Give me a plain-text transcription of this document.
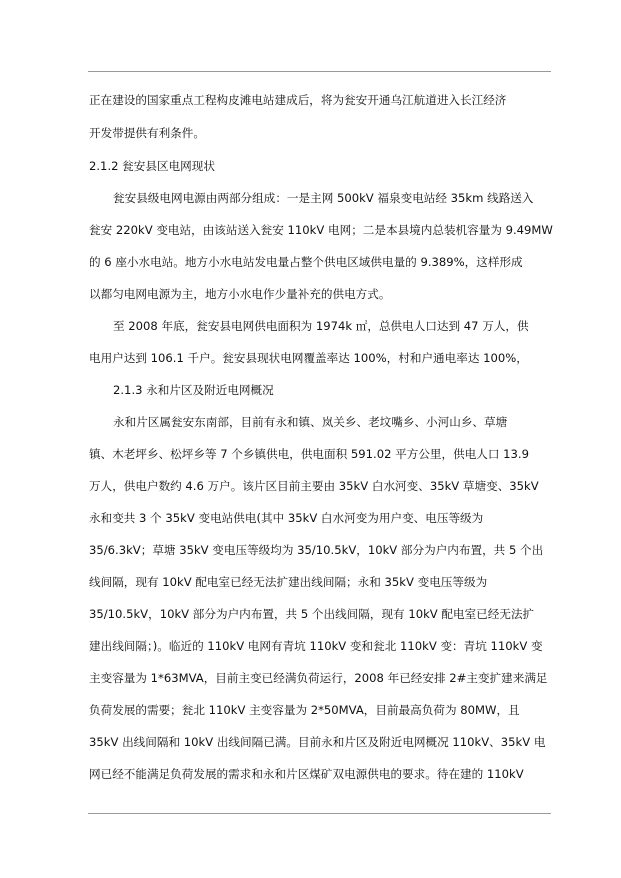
正在建设的国家重点工程构皮滩电站建成后，将为瓮安开通乌江航道进入长江经济
开发带提供有利条件。
2.1.2 瓮安县区电网现状
瓮安县级电网电源由两部分组成：一是主网 500kV 福泉变电站经 35km 线路送入
瓮安 220kV 变电站，由该站送入瓮安 110kV 电网；二是本县境内总装机容量为 9.49MW
的 6 座小水电站。地方小水电站发电量占整个供电区域供电量的 9.389%，这样形成
以都匀电网电源为主，地方小水电作少量补充的供电方式。
至 2008 年底，瓮安县电网供电面积为 1974k ㎡，总供电人口达到 47 万人，供
电用户达到 106.1 千户。瓮安县现状电网覆盖率达 100%，村和户通电率达 100%，
2.1.3 永和片区及附近电网概况
永和片区属瓮安东南部，目前有永和镇、岚关乡、老坟嘴乡、小河山乡、草塘
镇、木老坪乡、松坪乡等 7 个乡镇供电，供电面积 591.02 平方公里，供电人口 13.9
万人，供电户数约 4.6 万户。该片区目前主要由 35kV 白水河变、35kV 草塘变、35kV
永和变共 3 个 35kV 变电站供电(其中 35kV 白水河变为用户变、电压等级为
35/6.3kV；草塘 35kV 变电压等级均为 35/10.5kV，10kV 部分为户内布置，共 5 个出
线间隔，现有 10kV 配电室已经无法扩建出线间隔；永和 35kV 变电压等级为
35/10.5kV，10kV 部分为户内布置，共 5 个出线间隔，现有 10kV 配电室已经无法扩
建出线间隔；)。临近的 110kV 电网有青坑 110kV 变和瓮北 110kV 变：青坑 110kV 变
主变容量为 1*63MVA，目前主变已经满负荷运行，2008 年已经安排 2#主变扩建来满足
负荷发展的需要；瓮北 110kV 主变容量为 2*50MVA，目前最高负荷为 80MW，且
35kV 出线间隔和 10kV 出线间隔已满。目前永和片区及附近电网概况 110kV、35kV 电
网已经不能满足负荷发展的需求和永和片区煤矿双电源供电的要求。待在建的 110kV
